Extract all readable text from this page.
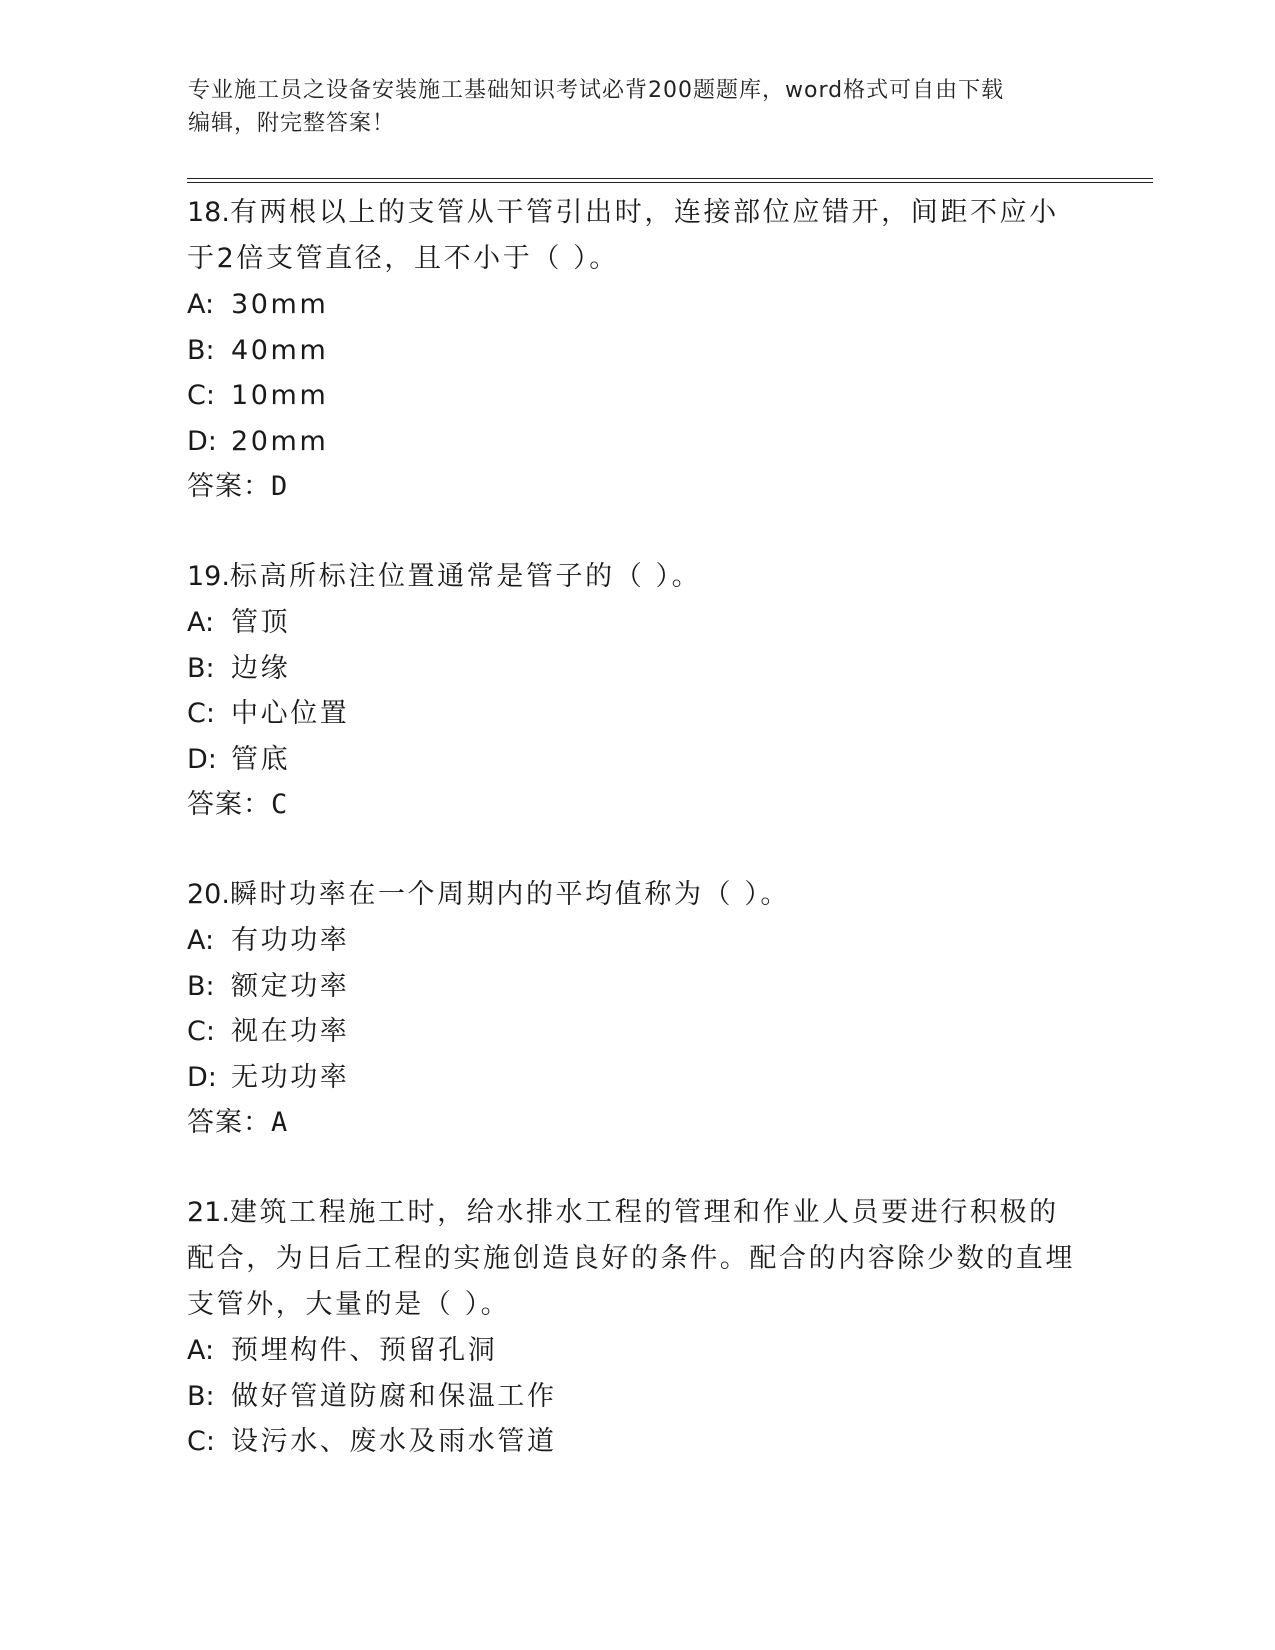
专业施工员之设备安装施工基础知识考试必背200题题库，word格式可自由下载
编辑，附完整答案！

18.有两根以上的支管从干管引出时，连接部位应错开，间距不应小于2倍支管直径，且不小于（ ）。

A: 30mm
B: 40mm
C: 10mm
D: 20mm
答案：D

19.标高所标注位置通常是管子的（ ）。

A: 管顶
B: 边缘
C: 中心位置
D: 管底
答案：C

20.瞬时功率在一个周期内的平均值称为（ ）。

A: 有功功率
B: 额定功率
C: 视在功率
D: 无功功率
答案：A

21.建筑工程施工时，给水排水工程的管理和作业人员要进行积极的配合，为日后工程的实施创造良好的条件。配合的内容除少数的直埋支管外，大量的是（ ）。

A: 预埋构件、预留孔洞
B: 做好管道防腐和保温工作
C: 设污水、废水及雨水管道
